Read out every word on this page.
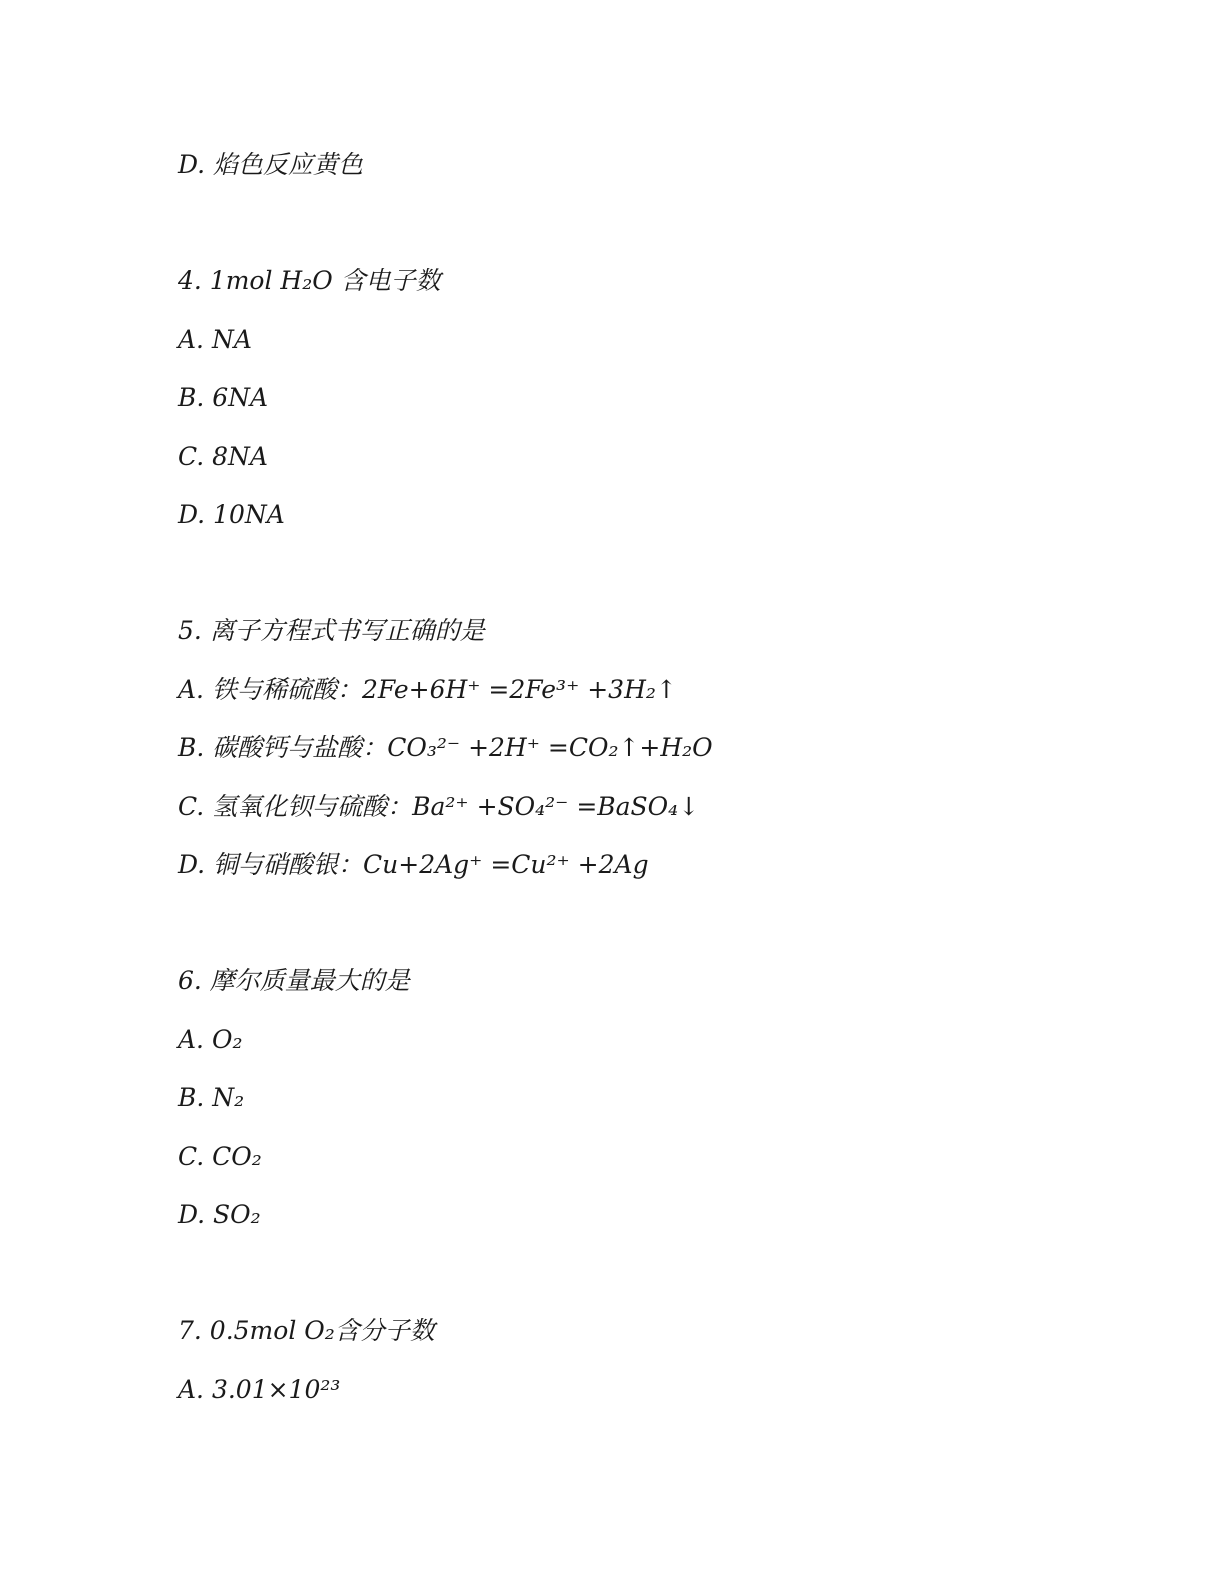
D. 焰色反应黄色
4. 1mol H₂O 含电子数
A. NA
B. 6NA
C. 8NA
D. 10NA
5. 离子方程式书写正确的是
A. 铁与稀硫酸：2Fe+6H⁺ =2Fe³⁺ +3H₂↑
B. 碳酸钙与盐酸：CO₃²⁻ +2H⁺ =CO₂↑+H₂O
C. 氢氧化钡与硫酸：Ba²⁺ +SO₄²⁻ =BaSO₄↓
D. 铜与硝酸银：Cu+2Ag⁺ =Cu²⁺ +2Ag
6. 摩尔质量最大的是
A. O₂
B. N₂
C. CO₂
D. SO₂
7. 0.5mol O₂含分子数
A. 3.01×10²³
